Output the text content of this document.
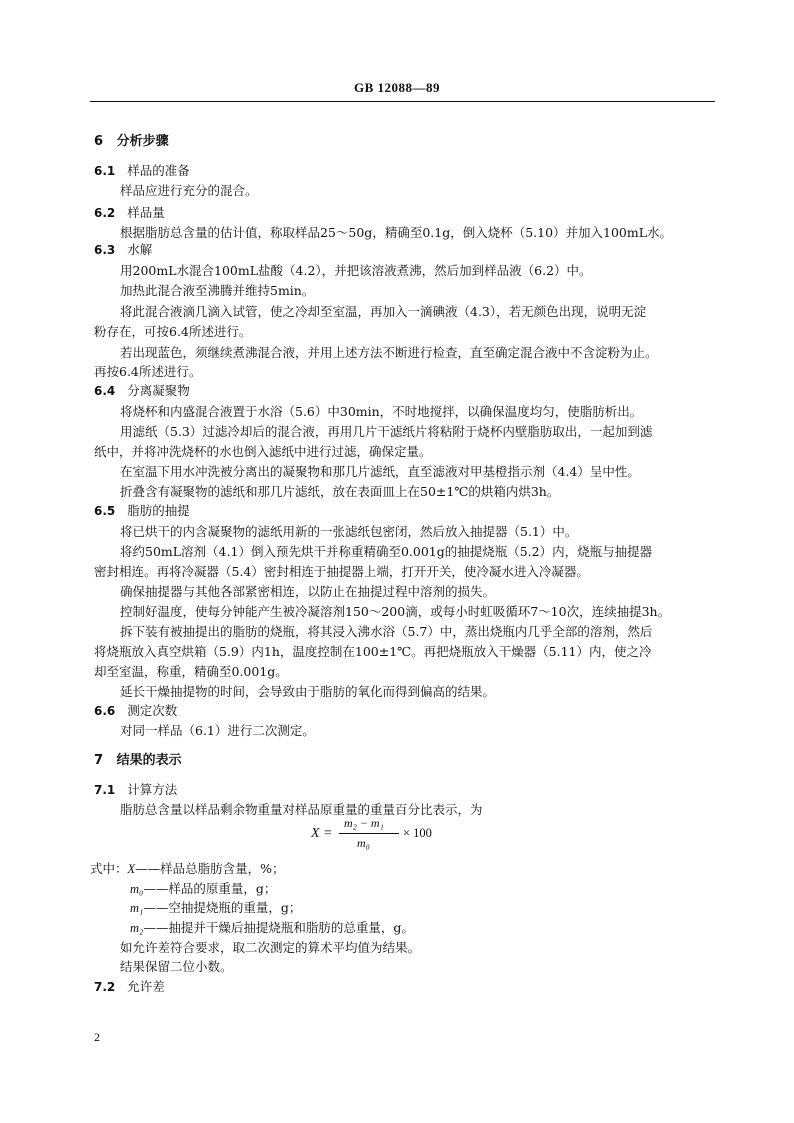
GB 12088—89
6 分析步骤
6.1 样品的准备
样品应进行充分的混合。
6.2 样品量
根据脂肪总含量的估计值，称取样品25～50g，精确至0.1g，倒入烧杯（5.10）并加入100mL水。
6.3 水解
用200mL水混合100mL盐酸（4.2），并把该溶液煮沸，然后加到样品液（6.2）中。
加热此混合液至沸腾并维持5min。
将此混合液滴几滴入试管，使之冷却至室温，再加入一滴碘液（4.3），若无颜色出现，说明无淀
粉存在，可按6.4所述进行。
若出现蓝色，须继续煮沸混合液，并用上述方法不断进行检查，直至确定混合液中不含淀粉为止。
再按6.4所述进行。
6.4 分离凝聚物
将烧杯和内盛混合液置于水浴（5.6）中30min，不时地搅拌，以确保温度均匀，使脂肪析出。
用滤纸（5.3）过滤冷却后的混合液，再用几片干滤纸片将粘附于烧杯内壁脂肪取出，一起加到滤
纸中，并将冲洗烧杯的水也倒入滤纸中进行过滤，确保定量。
在室温下用水冲洗被分离出的凝聚物和那几片滤纸，直至滤液对甲基橙指示剂（4.4）呈中性。
折叠含有凝聚物的滤纸和那几片滤纸，放在表面皿上在50±1℃的烘箱内烘3h。
6.5 脂肪的抽提
将已烘干的内含凝聚物的滤纸用新的一张滤纸包密闭，然后放入抽提器（5.1）中。
将约50mL溶剂（4.1）倒入预先烘干并称重精确至0.001g的抽提烧瓶（5.2）内，烧瓶与抽提器
密封相连。再将冷凝器（5.4）密封相连于抽提器上端，打开开关，使冷凝水进入冷凝器。
确保抽提器与其他各部紧密相连，以防止在抽提过程中溶剂的损失。
控制好温度，使每分钟能产生被冷凝溶剂150～200滴，或每小时虹吸循环7～10次，连续抽提3h。
拆下装有被抽提出的脂肪的烧瓶，将其浸入沸水浴（5.7）中，蒸出烧瓶内几乎全部的溶剂，然后
将烧瓶放入真空烘箱（5.9）内1h，温度控制在100±1℃。再把烧瓶放入干燥器（5.11）内，使之冷
却至室温，称重，精确至0.001g。
延长干燥抽提物的时间，会导致由于脂肪的氧化而得到偏高的结果。
6.6 测定次数
对同一样品（6.1）进行二次测定。
7 结果的表示
7.1 计算方法
脂肪总含量以样品剩余物重量对样品原重量的重量百分比表示，为
X =
m₂ − m₁
m₀
× 100
式中：X——样品总脂肪含量，%；
m₀——样品的原重量，g；
m₁——空抽提烧瓶的重量，g；
m₂——抽提并干燥后抽提烧瓶和脂肪的总重量，g。
如允许差符合要求，取二次测定的算术平均值为结果。
结果保留二位小数。
7.2 允许差
2
